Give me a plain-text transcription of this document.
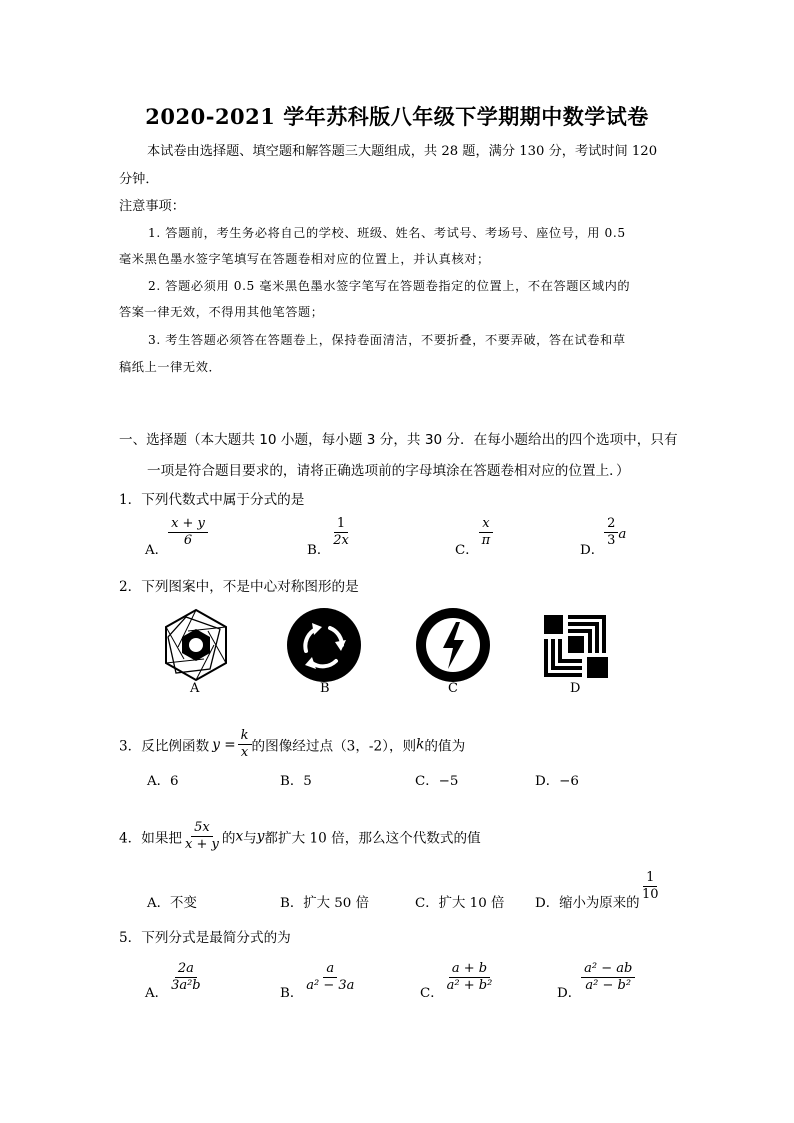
2020-2021 学年苏科版八年级下学期期中数学试卷
本试卷由选择题、填空题和解答题三大题组成，共 28 题，满分 130 分，考试时间 120
分钟．
注意事项：
1. 答题前，考生务必将自己的学校、班级、姓名、考试号、考场号、座位号，用 0.5
毫米黑色墨水签字笔填写在答题卷相对应的位置上，并认真核对；
2. 答题必须用 0.5 毫米黑色墨水签字笔写在答题卷指定的位置上，不在答题区域内的
答案一律无效，不得用其他笔答题；
3. 考生答题必须答在答题卷上，保持卷面清洁，不要折叠，不要弄破，答在试卷和草
稿纸上一律无效．
一、选择题（本大题共 10 小题，每小题 3 分，共 30 分．在每小题给出的四个选项中，只有
一项是符合题目要求的，请将正确选项前的字母填涂在答题卷相对应的位置上．）
1．下列代数式中属于分式的是
A．
$\frac{x + y}{6}$
B．
$\frac{1}{2x}$
C．
$\frac{x}{\pi}$
D．
$\frac{2}{3}$ a
2．下列图案中，不是中心对称图形的是
A	B	C	D
3．反比例函数 $y = \frac{k}{x}$ 的图像经过点（3，-2），则k的值为
A．6	B．5	C．−5	D．−6
4．如果把 $\frac{5x}{x + y}$ 的x与y都扩大 10 倍，那么这个代数式的值
A．不变	B．扩大 50 倍	C．扩大 10 倍 D．缩小为原来的
$\frac{1}{10}$
5．下列分式是最简分式的为
A． $\frac{2a}{\text{3a²b}}$	B． $\frac{a}{\text{a² − 3a}}$	C． $\frac{a + b}{\text{a² + b²}}$	D． $\frac{\text{a² − ab}}{\text{a² − b²}}$
